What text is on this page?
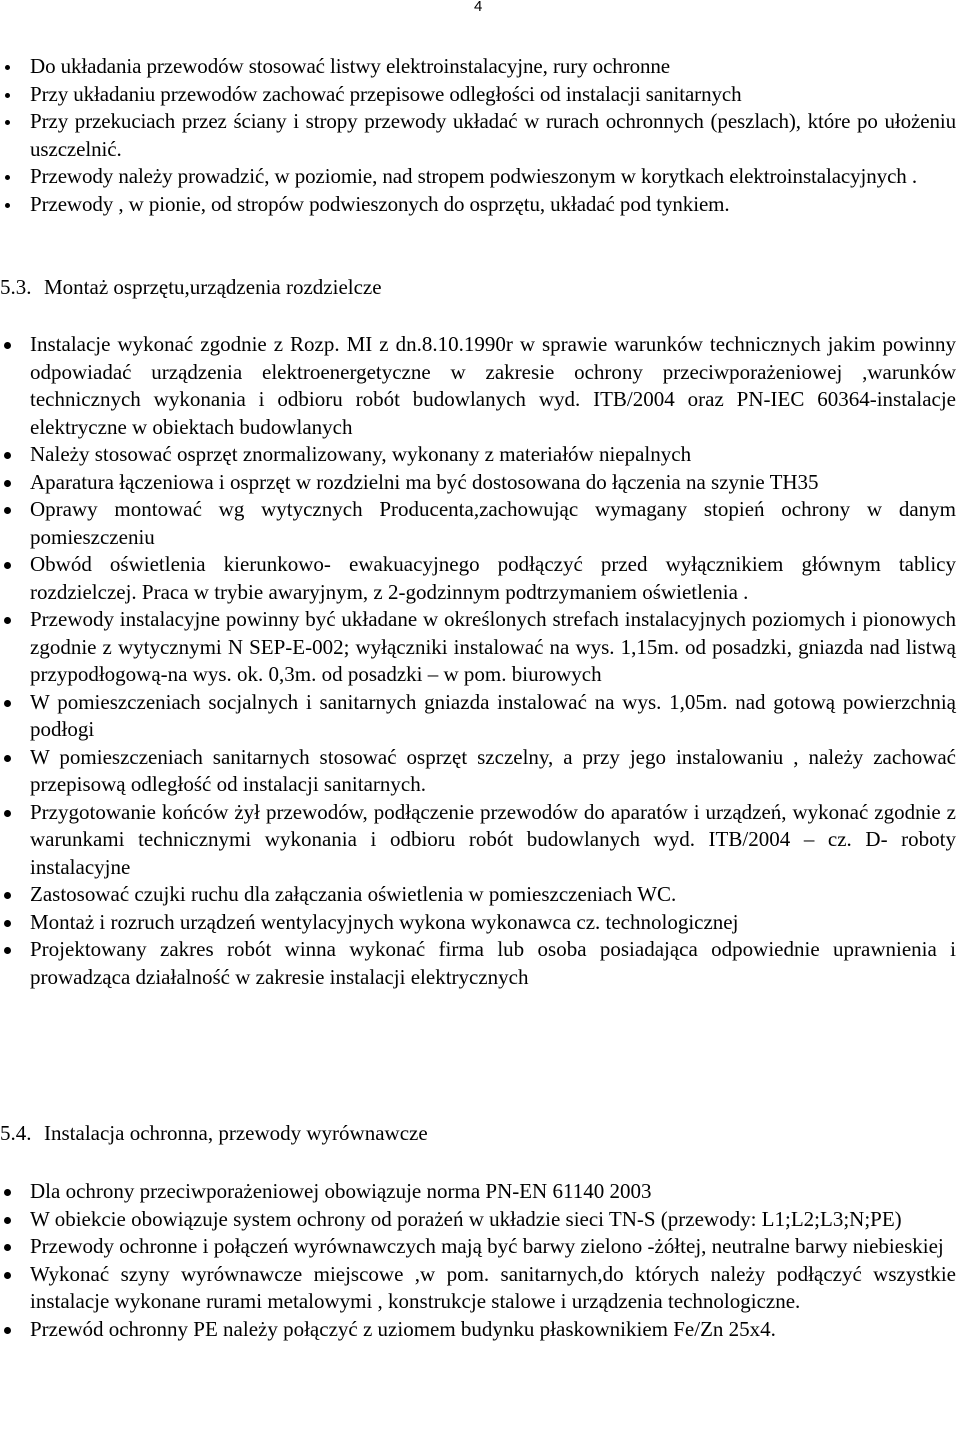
4
Do układania przewodów stosować listwy elektroinstalacyjne, rury ochronne
Przy układaniu przewodów zachować przepisowe odległości od instalacji sanitarnych
Przy przekuciach przez ściany i stropy przewody układać w rurach ochronnych (peszlach), które po ułożeniu uszczelnić.
Przewody należy prowadzić, w poziomie, nad stropem podwieszonym w korytkach elektroinstalacyjnych .
Przewody , w pionie, od stropów podwieszonych do osprzętu, układać pod tynkiem.
5.3. Montaż osprzętu,urządzenia rozdzielcze
Instalacje wykonać zgodnie z Rozp. MI z dn.8.10.1990r w sprawie warunków technicznych jakim powinny odpowiadać urządzenia elektroenergetyczne w zakresie ochrony przeciwporażeniowej ,warunków technicznych wykonania i odbioru robót budowlanych wyd. ITB/2004 oraz PN-IEC 60364-instalacje elektryczne w obiektach budowlanych
Należy stosować osprzęt znormalizowany, wykonany z materiałów niepalnych
Aparatura łączeniowa i osprzęt w rozdzielni ma być dostosowana do łączenia na szynie TH35
Oprawy montować wg wytycznych Producenta,zachowując wymagany stopień ochrony w danym pomieszczeniu
Obwód oświetlenia kierunkowo- ewakuacyjnego podłączyć przed wyłącznikiem głównym tablicy rozdzielczej. Praca w trybie awaryjnym, z 2-godzinnym podtrzymaniem oświetlenia .
Przewody instalacyjne powinny być układane w określonych strefach instalacyjnych poziomych i pionowych zgodnie z wytycznymi N SEP-E-002; wyłączniki instalować na wys. 1,15m. od posadzki, gniazda nad listwą przypodłogową-na wys. ok. 0,3m. od posadzki – w pom. biurowych
W pomieszczeniach socjalnych i sanitarnych gniazda instalować na wys. 1,05m. nad gotową powierzchnią podłogi
W pomieszczeniach sanitarnych stosować osprzęt szczelny, a przy jego instalowaniu , należy zachować przepisową odległość od instalacji sanitarnych.
Przygotowanie końców żył przewodów, podłączenie przewodów do aparatów i urządzeń, wykonać zgodnie z warunkami technicznymi wykonania i odbioru robót budowlanych wyd. ITB/2004 – cz. D- roboty instalacyjne
Zastosować czujki ruchu dla załączania oświetlenia w pomieszczeniach WC.
Montaż i rozruch urządzeń wentylacyjnych wykona wykonawca cz. technologicznej
Projektowany zakres robót winna wykonać firma lub osoba posiadająca odpowiednie uprawnienia i prowadząca działalność w zakresie instalacji elektrycznych
5.4. Instalacja ochronna, przewody wyrównawcze
Dla ochrony przeciwporażeniowej obowiązuje norma PN-EN 61140 2003
W obiekcie obowiązuje system ochrony od porażeń w układzie sieci TN-S (przewody: L1;L2;L3;N;PE)
Przewody ochronne i połączeń wyrównawczych mają być barwy zielono -żółtej, neutralne barwy niebieskiej
Wykonać szyny wyrównawcze miejscowe ,w pom. sanitarnych,do których należy podłączyć wszystkie instalacje wykonane rurami metalowymi , konstrukcje stalowe i urządzenia technologiczne.
Przewód ochronny PE należy połączyć z uziomem budynku płaskownikiem Fe/Zn 25x4.
